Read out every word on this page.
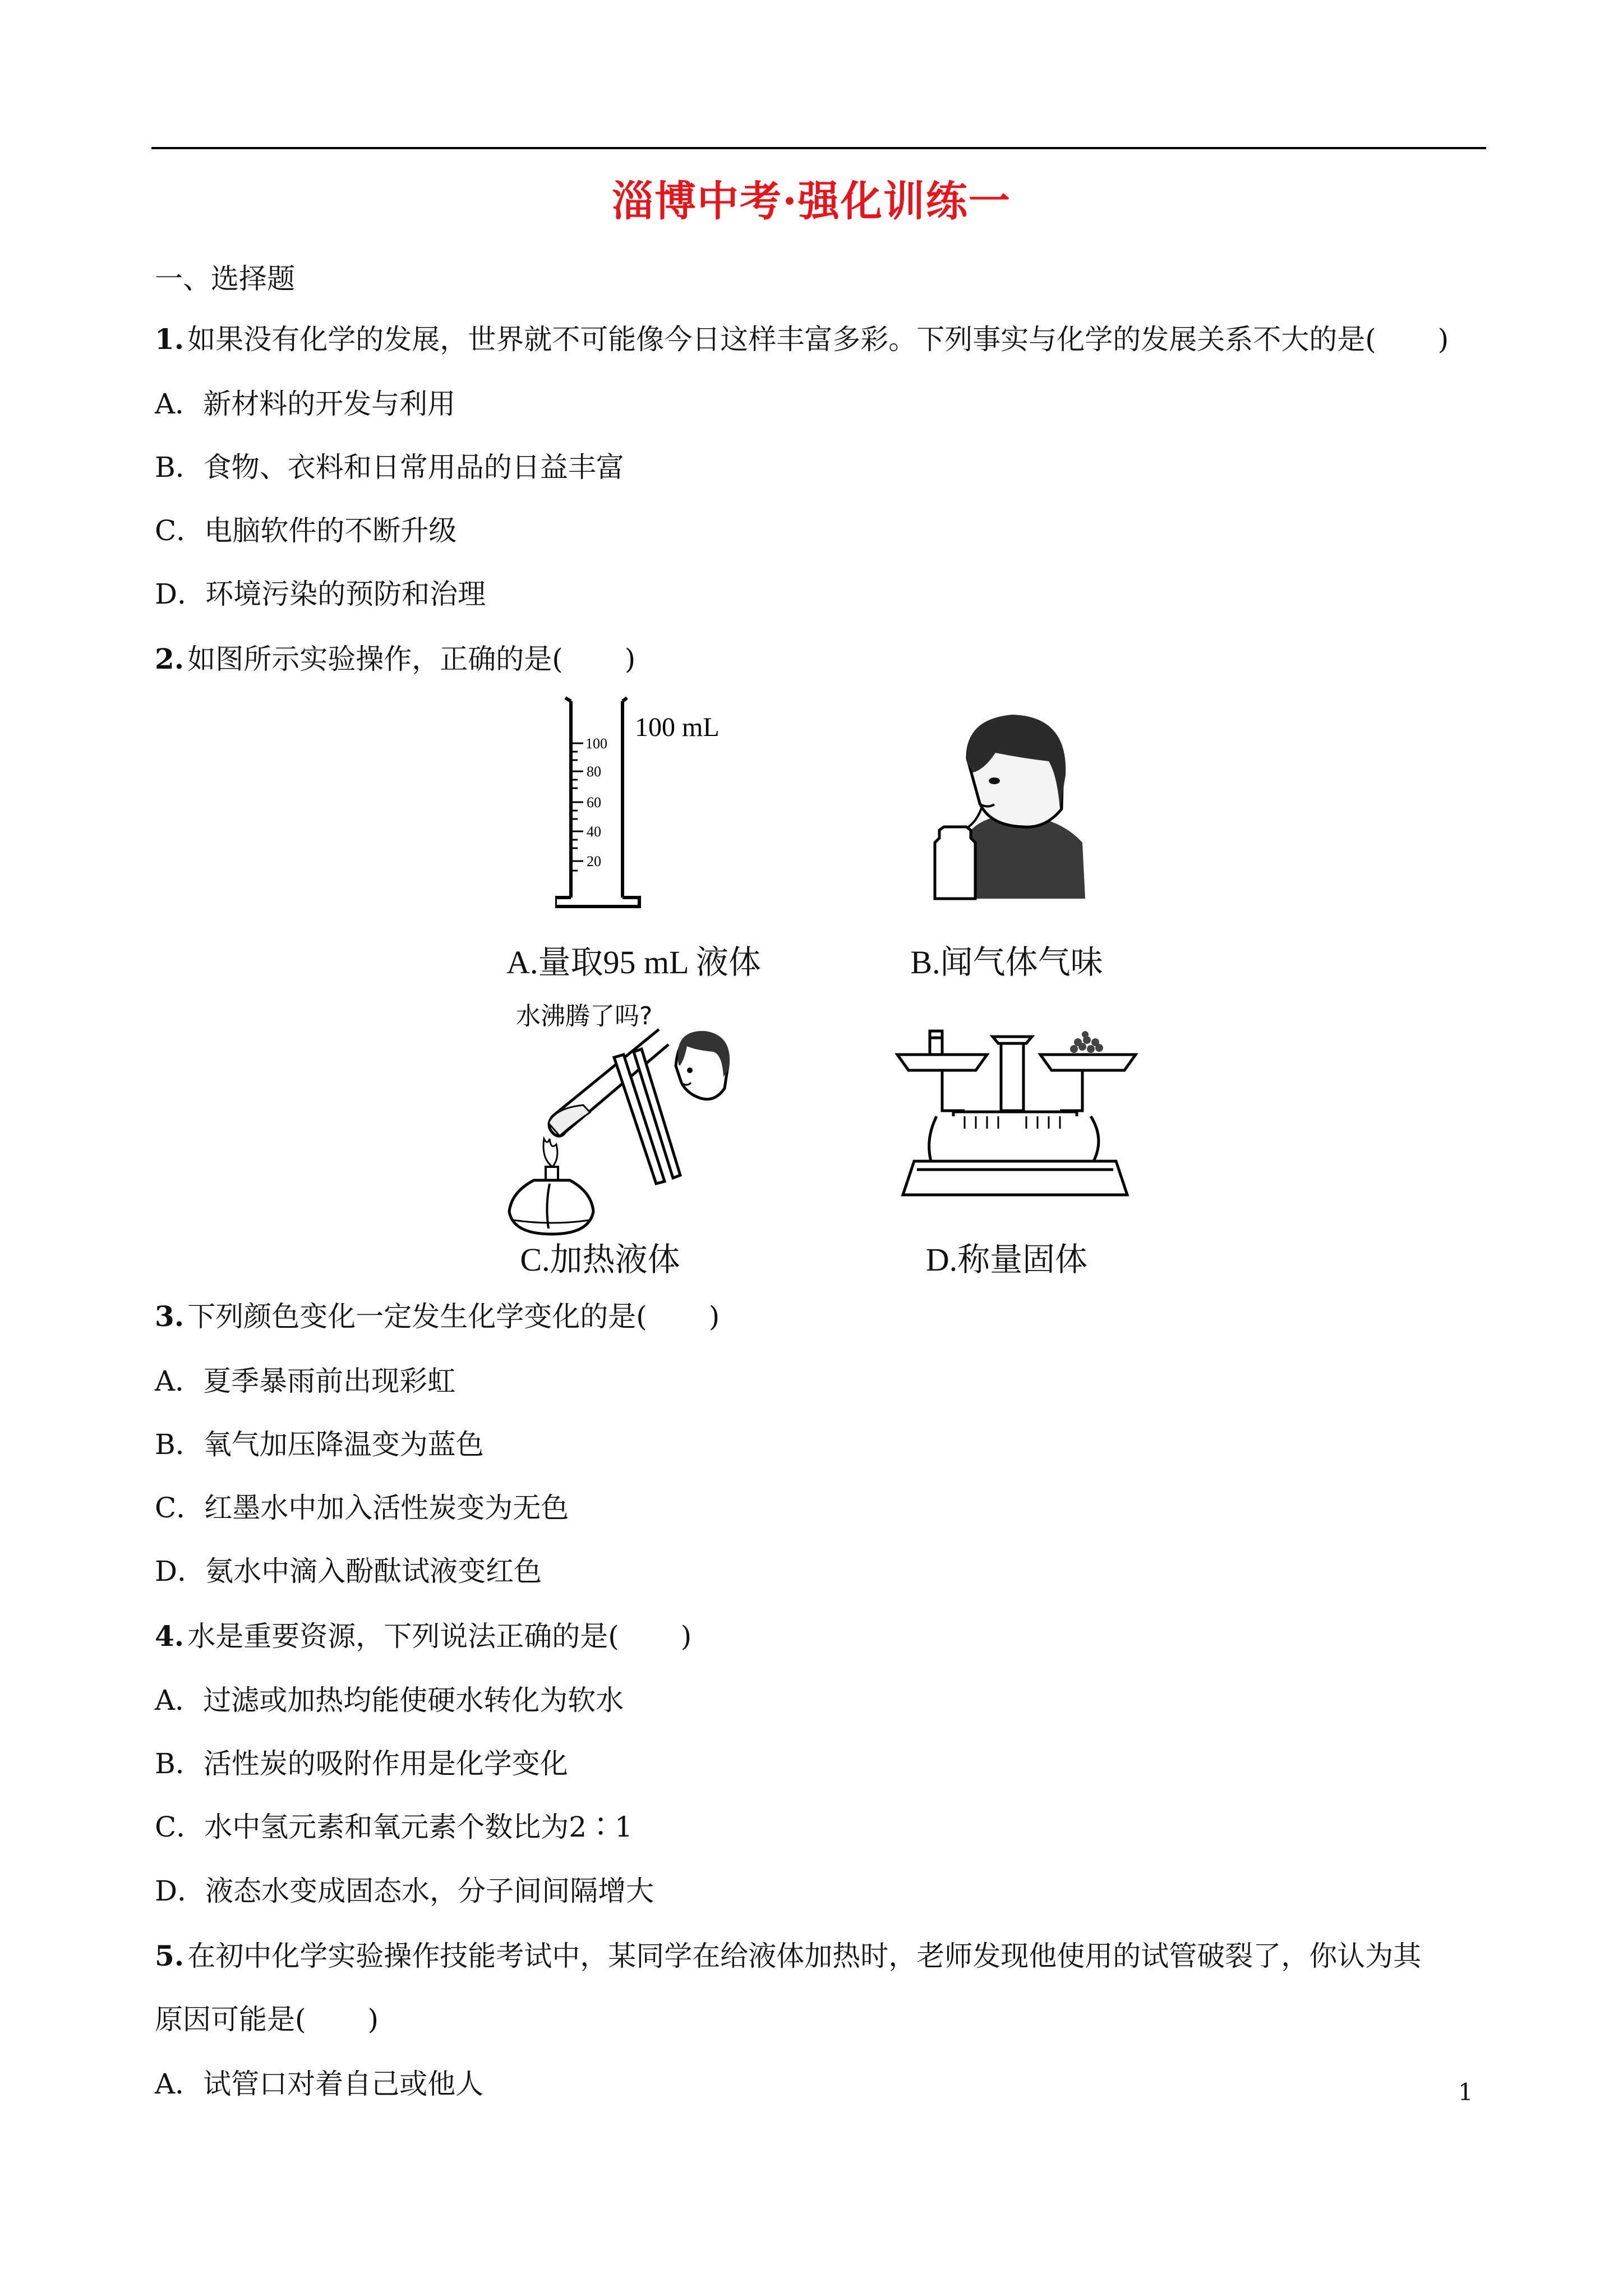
淄博中考·强化训练一
一、选择题
1. 如果没有化学的发展，世界就不可能像今日这样丰富多彩。下列事实与化学的发展关系不大的是( )
A．新材料的开发与利用
B．食物、衣料和日常用品的日益丰富
C．电脑软件的不断升级
D．环境污染的预防和治理
2. 如图所示实验操作，正确的是( )
100
80
60
40
20
100 mL
A.量取95 mL 液体	B.闻气体气味
水沸腾了吗?
C.加热液体	D.称量固体
3. 下列颜色变化一定发生化学变化的是( )
A．夏季暴雨前出现彩虹
B．氧气加压降温变为蓝色
C．红墨水中加入活性炭变为无色
D．氨水中滴入酚酞试液变红色
4. 水是重要资源，下列说法正确的是( )
A．过滤或加热均能使硬水转化为软水
B．活性炭的吸附作用是化学变化
C．水中氢元素和氧元素个数比为2∶1
D．液态水变成固态水，分子间间隔增大
5. 在初中化学实验操作技能考试中，某同学在给液体加热时，老师发现他使用的试管破裂了，你认为其
原因可能是( )
A．试管口对着自己或他人	1
